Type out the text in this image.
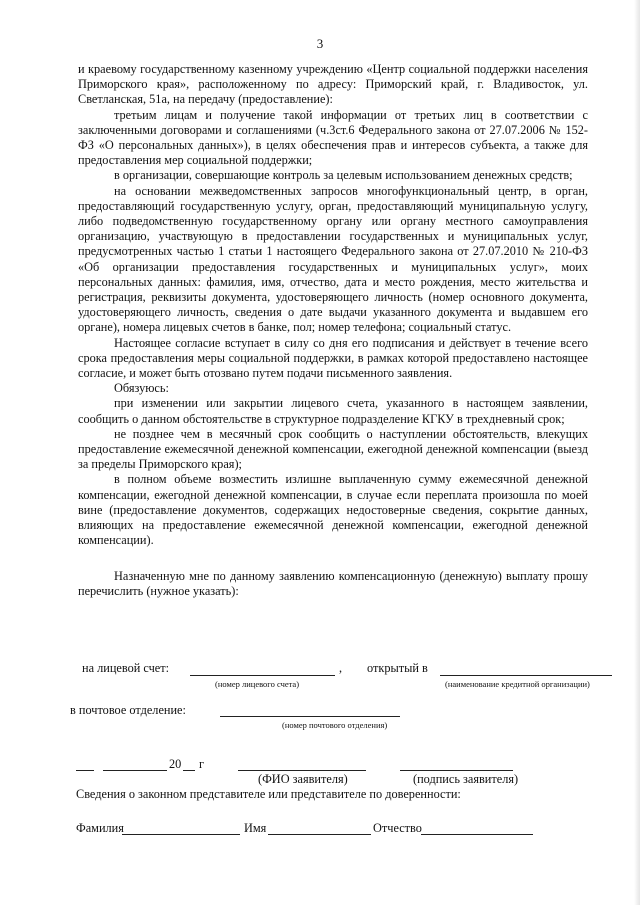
3

и краевому государственному казенному учреждению «Центр социальной поддержки населения Приморского края», расположенному по адресу: Приморский край, г. Владивосток, ул. Светланская, 51а, на передачу (предоставление):

третьим лицам и получение такой информации от третьих лиц в соответствии с заключенными договорами и соглашениями (ч.3ст.6 Федерального закона от 27.07.2006 № 152-ФЗ «О персональных данных»), в целях обеспечения прав и интересов субъекта, а также для предоставления мер социальной поддержки;

в организации, совершающие контроль за целевым использованием денежных средств;

на основании межведомственных запросов многофункциональный центр, в орган, предоставляющий государственную услугу, орган, предоставляющий муниципальную услугу, либо подведомственную государственному органу или органу местного самоуправления организацию, участвующую в предоставлении государственных и муниципальных услуг, предусмотренных частью 1 статьи 1 настоящего Федерального закона от 27.07.2010 № 210-ФЗ «Об организации предоставления государственных и муниципальных услуг», моих персональных данных: фамилия, имя, отчество, дата и место рождения, место жительства и регистрация, реквизиты документа, удостоверяющего личность (номер основного документа, удостоверяющего личность, сведения о дате выдачи указанного документа и выдавшем его органе), номера лицевых счетов в банке, пол; номер телефона; социальный статус.

Настоящее согласие вступает в силу со дня его подписания и действует в течение всего срока предоставления меры социальной поддержки, в рамках которой предоставлено настоящее согласие, и может быть отозвано путем подачи письменного заявления.

Обязуюсь:

при изменении или закрытии лицевого счета, указанного в настоящем заявлении, сообщить о данном обстоятельстве в структурное подразделение КГКУ в трехдневный срок;

не позднее чем в месячный срок сообщить о наступлении обстоятельств, влекущих предоставление ежемесячной денежной компенсации, ежегодной денежной компенсации (выезд за пределы Приморского края);

в полном объеме возместить излишне выплаченную сумму ежемесячной денежной компенсации, ежегодной денежной компенсации, в случае если переплата произошла по моей вине (предоставление документов, содержащих недостоверные сведения, сокрытие данных, влияющих на предоставление ежемесячной денежной компенсации, ежегодной денежной компенсации).

Назначенную мне по данному заявлению компенсационную (денежную) выплату прошу перечислить (нужное указать):

на лицевой счет:	, открытый в
(номер лицевого счета)	(наименование кредитной организации)
в почтовое отделение:
(номер почтового отделения)
20 г
(ФИО заявителя)	(подпись заявителя)
Сведения о законном представителе или представителе по доверенности:
Фамилия	Имя	Отчество
